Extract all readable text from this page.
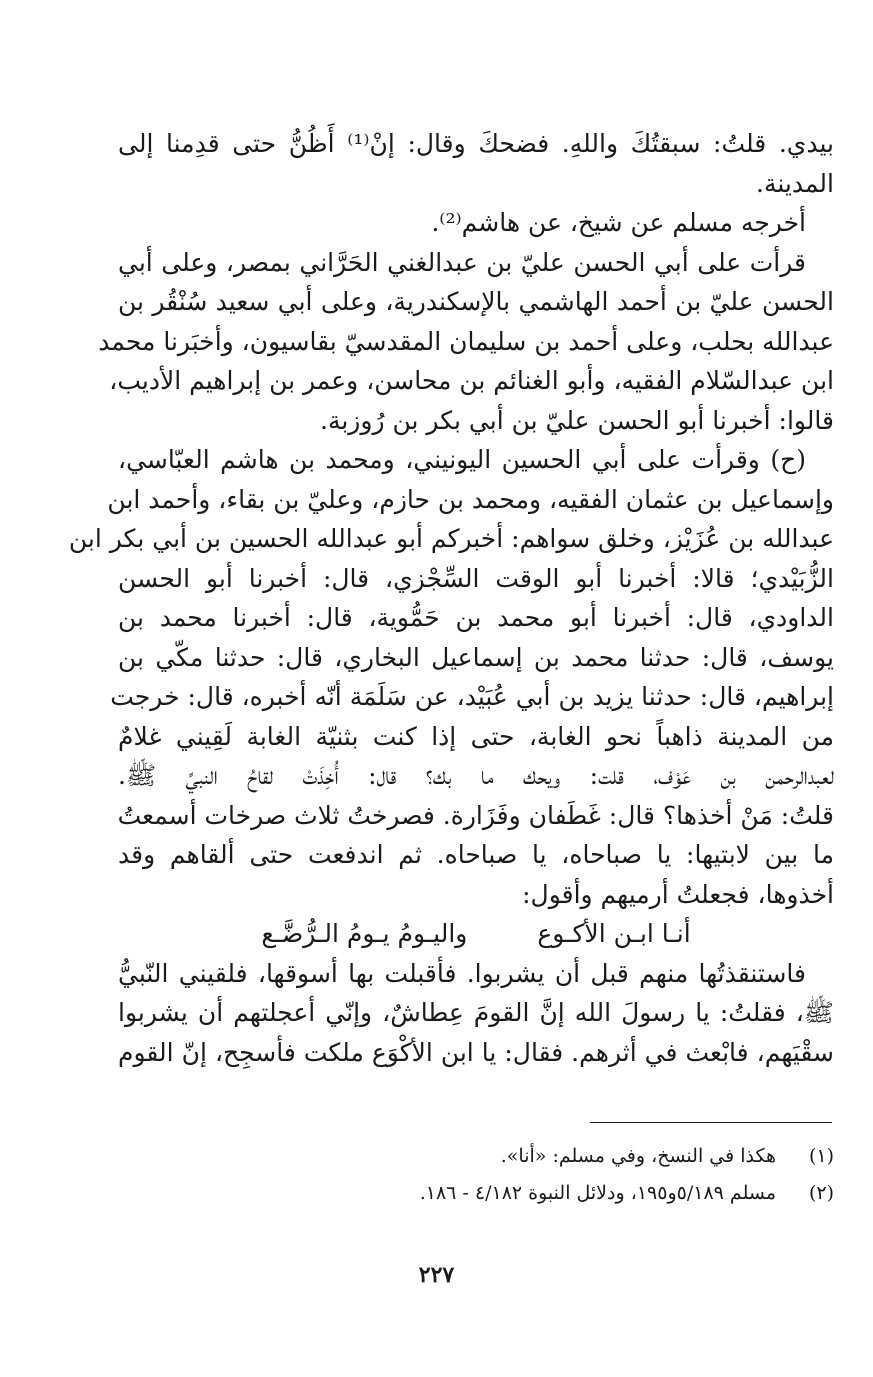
بيدي. قلتُ: سبقتُكَ واللهِ. فضحكَ وقال: إنْ⁽¹⁾ أَظُنُّ حتى قدِمنا إلى
المدينة.
أخرجه مسلم عن شيخ، عن هاشم⁽²⁾.
قرأت على أبي الحسن عليّ بن عبدالغني الحَرَّاني بمصر، وعلى أبي
الحسن عليّ بن أحمد الهاشمي بالإسكندرية، وعلى أبي سعيد سُنْقُر بن
عبدالله بحلب، وعلى أحمد بن سليمان المقدسيّ بقاسيون، وأخبَرنا محمد
ابن عبدالسّلام الفقيه، وأبو الغنائم بن محاسن، وعمر بن إبراهيم الأديب،
قالوا: أخبرنا أبو الحسن عليّ بن أبي بكر بن رُوزبة.
(ح) وقرأت على أبي الحسين اليونيني، ومحمد بن هاشم العبّاسي،
وإسماعيل بن عثمان الفقيه، ومحمد بن حازم، وعليّ بن بقاء، وأحمد ابن
عبدالله بن عُزَيْز، وخلق سواهم: أخبركم أبو عبدالله الحسين بن أبي بكر ابن
الزُّبَيْدي؛ قالا: أخبرنا أبو الوقت السِّجْزي، قال: أخبرنا أبو الحسن
الداودي، قال: أخبرنا أبو محمد بن حَمُّوية، قال: أخبرنا محمد بن
يوسف، قال: حدثنا محمد بن إسماعيل البخاري، قال: حدثنا مكّي بن
إبراهيم، قال: حدثنا يزيد بن أبي عُبَيْد، عن سَلَمَة أنّه أخبره، قال: خرجت
من المدينة ذاهباً نحو الغابة، حتى إذا كنت بثنيّة الغابة لَقِيني غلامٌ
لعبدالرحمن بن عَوْف، قلت: ويحك ما بك؟ قال: أُخِذَتْ لقاحُ النبيِّ ﷺ.
قلتُ: مَنْ أخذها؟ قال: غَطَفان وفَزَارة. فصرختُ ثلاث صرخات أسمعتُ
ما بين لابتيها: يا صباحاه، يا صباحاه. ثم اندفعت حتى ألقاهم وقد
أخذوها، فجعلتُ أرميهم وأقول:
أنـا ابـن الأكـوع
واليـومُ يـومُ الـرُّضَّـع
فاستنقذتُها منهم قبل أن يشربوا. فأقبلت بها أسوقها، فلقيني النّبيُّ
ﷺ، فقلتُ: يا رسولَ الله إنَّ القومَ عِطاشٌ، وإنّي أعجلتهم أن يشربوا
سقْيَهم، فابْعث في أثرهم. فقال: يا ابن الأكْوَع ملكت فأسجِح، إنّ القوم
(١)
هكذا في النسخ، وفي مسلم: «أنا».
(٢)
مسلم ٥/١٨٩و١٩٥، ودلائل النبوة ٤/١٨٢ - ١٨٦.
٢٢٧
